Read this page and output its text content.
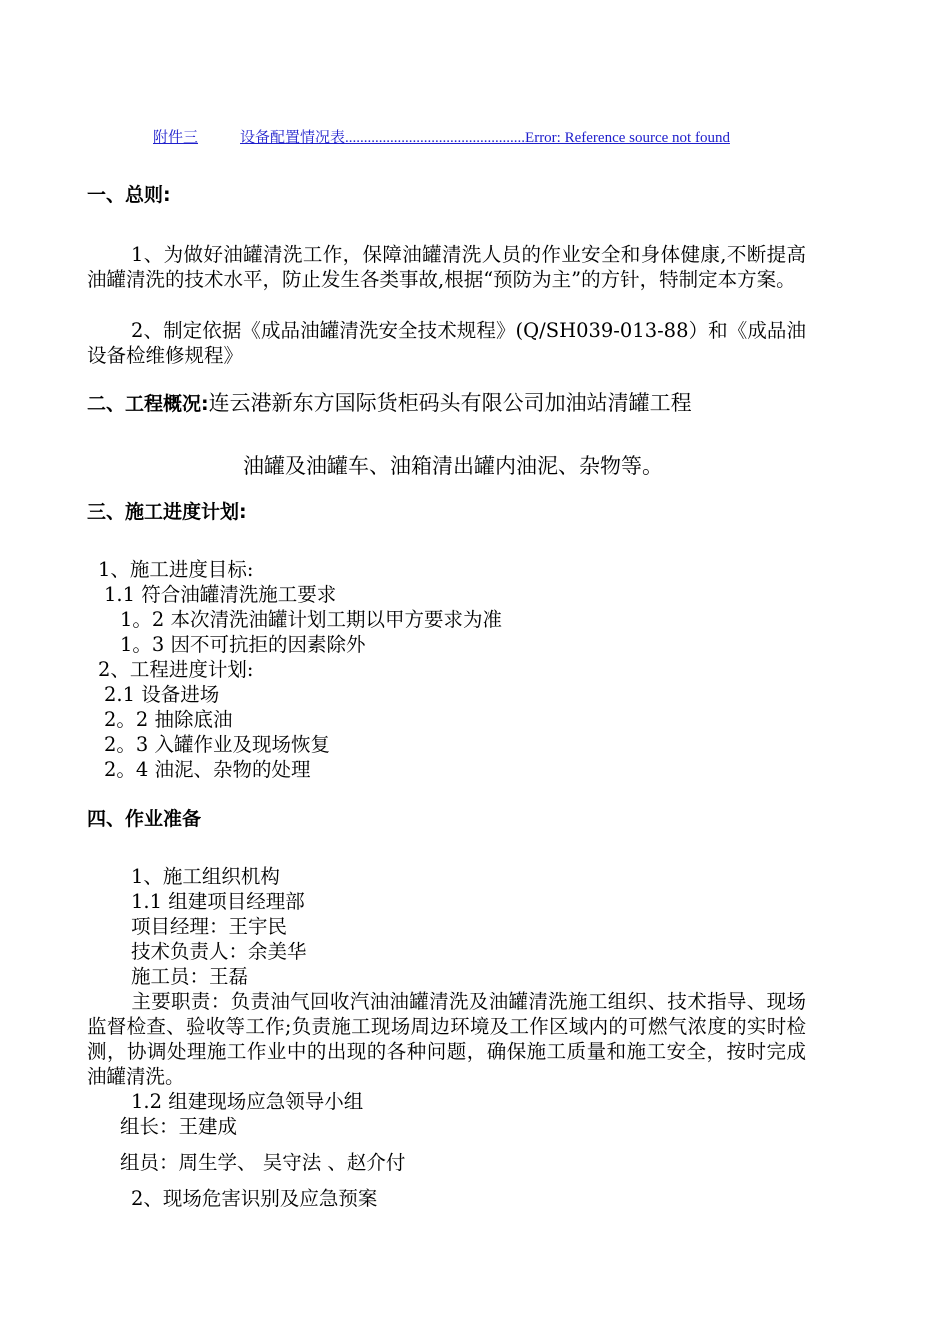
附件三	设备配置情况表................................................Error: Reference source not found
一、总则:
1、为做好油罐清洗工作，保障油罐清洗人员的作业安全和身体健康,不断提高油罐清洗的技术水平，防止发生各类事故,根据“预防为主”的方针，特制定本方案。
2、制定依据《成品油罐清洗安全技术规程》(Q/SH039-013-88）和《成品油设备检维修规程》
二、工程概况:连云港新东方国际货柜码头有限公司加油站清罐工程
油罐及油罐车、油箱清出罐内油泥、杂物等。
三、施工进度计划:
1、施工进度目标:
1.1 符合油罐清洗施工要求
1。2 本次清洗油罐计划工期以甲方要求为准
1。3 因不可抗拒的因素除外
2、工程进度计划:
2.1 设备进场
2。2 抽除底油
2。3 入罐作业及现场恢复
2。4 油泥、杂物的处理
四、作业准备
1、施工组织机构
1.1 组建项目经理部
项目经理：王宇民
技术负责人：余美华
施工员：王磊
主要职责：负责油气回收汽油油罐清洗及油罐清洗施工组织、技术指导、现场监督检查、验收等工作;负责施工现场周边环境及工作区域内的可燃气浓度的实时检测，协调处理施工作业中的出现的各种问题，确保施工质量和施工安全，按时完成油罐清洗。
1.2 组建现场应急领导小组
组长：王建成
组员：周生学、 吴守法 、赵介付
2、现场危害识别及应急预案
